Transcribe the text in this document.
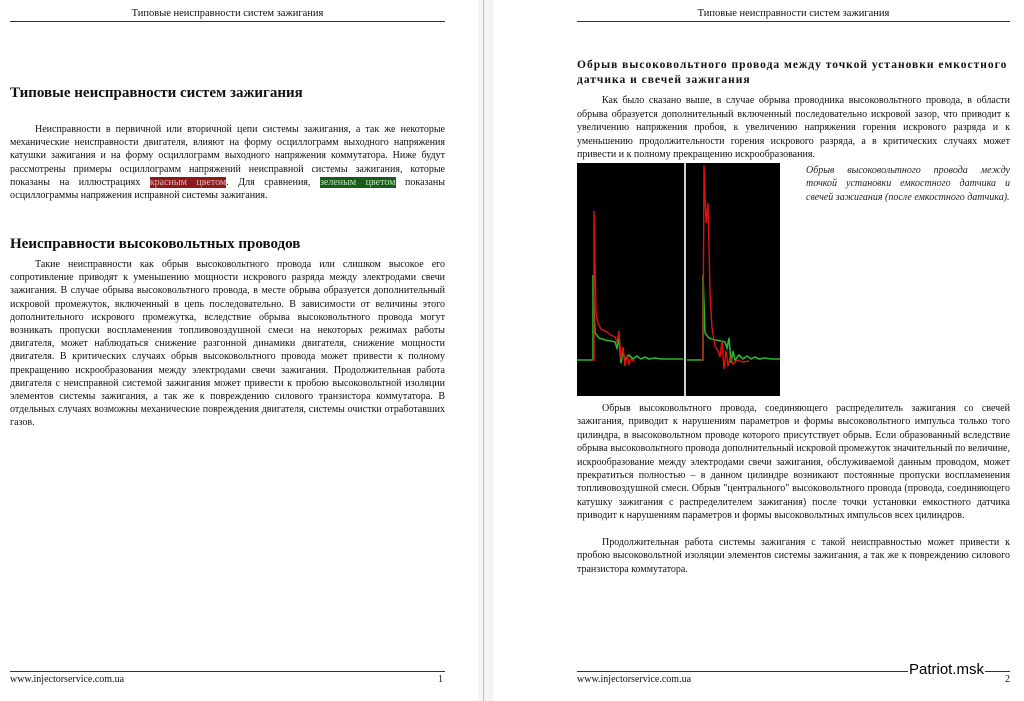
Типовые неисправности систем зажигания
Типовые неисправности систем зажигания

Неисправности в первичной или вторичной цепи системы зажигания, а так же некоторые механические неисправности двигателя, влияют на форму осциллограмм выходного напряжения катушки зажигания и на форму осциллограмм выходного напряжения коммутатора. Ниже будут рассмотрены примеры осциллограмм напряжений неисправной системы зажигания, которые показаны на иллюстрациях красным цветом. Для сравнения, зеленым цветом показаны осциллограммы напряжения исправной системы зажигания.

Неисправности высоковольтных проводов

Такие неисправности как обрыв высоковольтного провода или слишком высокое его сопротивление приводят к уменьшению мощности искрового разряда между электродами свечи зажигания. В случае обрыва высоковольтного провода, в месте обрыва образуется дополнительный искровой промежуток, включенный в цепь последовательно. В зависимости от величины этого дополнительного искрового промежутка, вследствие обрыва высоковольтного провода могут возникать пропуски воспламенения топливовоздушной смеси на некоторых режимах работы двигателя, может наблюдаться снижение разгонной динамики двигателя, снижение мощности двигателя. В критических случаях обрыв высоковольтного провода может привести к полному прекращению искрообразования между электродами свечи зажигания. Продолжительная работа двигателя с неисправной системой зажигания может привести к пробою высоковольтной изоляции элементов системы зажигания, а так же к повреждению силового транзистора коммутатора. В отдельных случаях возможны механические повреждения двигателя, системы очистки отработавших газов.

www.injectorservice.com.ua	1
Типовые неисправности систем зажигания
Обрыв высоковольтного провода между точкой установки емкостного датчика и свечей зажигания

Как было сказано выше, в случае обрыва проводника высоковольтного провода, в области обрыва образуется дополнительный включенный последовательно искровой зазор, что приводит к увеличению напряжения пробоя, к увеличению напряжения горения искрового разряда и к уменьшению продолжительности горения искрового разряда, а в критических случаях может привести и к полному прекращению искрообразования.

Обрыв высоковольтного провода между точкой установки емкостного датчика и свечей зажигания (после емкостного датчика).

Обрыв высоковольтного провода, соединяющего распределитель зажигания со свечей зажигания, приводит к нарушениям параметров и формы высоковольтного импульса только того цилиндра, в высоковольтном проводе которого присутствует обрыв. Если образованный вследствие обрыва высоковольтного провода дополнительный искровой промежуток значительный по величине, искрообразование между электродами свечи зажигания, обслуживаемой данным проводом, может прекратиться полностью – в данном цилиндре возникают постоянные пропуски воспламенения топливовоздушной смеси. Обрыв "центрального" высоковольтного провода (провода, соединяющего катушку зажигания с распределителем зажигания) после точки установки емкостного датчика приводит к нарушениям параметров и формы высоковольтных импульсов всех цилиндров.

Продолжительная работа системы зажигания с такой неисправностью может привести к пробою высоковольтной изоляции элементов системы зажигания, а так же к повреждению силового транзистора коммутатора.

www.injectorservice.com.ua
Patriot.msk
2
